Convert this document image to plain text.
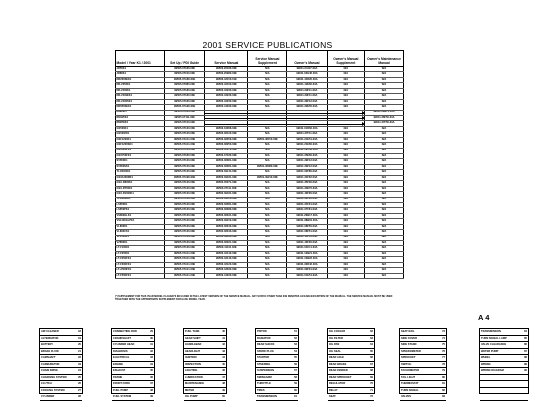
2001 SERVICE PUBLICATIONS
Model / Year K1 / 2001	Set Up / PDI Guide	Service Manual	Service Manual Supplement	Owner's Manual	Owner's Manual Supplement	Owner's Maintenance Manual
JR50K1	99505-07180-03E	99500-20180-03E	N/A	99011-04417-03A	N/A	N/A
JR80K1	99505-07100-03E	99500-20980-03E	N/A	99011-02H46-03A	N/A	N/A
DR200SEK1	99505-07A60-03E	99500-42150-01E	N/A	99011-44D20-03A	N/A	N/A
DR-Z250K1	99505-07080-03E	99500-42160-03E	N/A	99011-12E60-03A	N/A	N/A
DR-Z400K1	99505-07180-03E	99500-42230-03E	N/A	99011-29F11-03A	N/A	N/A
DR-Z400EK1	99505-07180-03E	99500-42230-03E	N/A	99011-29F11-03A	N/A	N/A
DR-Z400SK1	99505-07180-03E	99500-42230-03E	N/A	99011-29F12-03A	N/A	N/A
DR650SEK1	99505-07A90-03E	99500-44030-03E	N/A	99011-32E50-03A	N/A	N/A
RM85K1	99505-07180-03E					99011-02B70-03A
RM125K1	99505-07111-03E					99011-36F50-03A
RM250K1	99505-07100-03E					99011-37F50-03A
GS500K1	99505-07130-03E	99500-34068-03E	N/A	99011-01D62-03A	N/A	N/A
GS500FK1	99505-07130-03E	99500-36100-03E	N/A	99011-37F11-03A	N/A	N/A
GSF1200K1	99505-07A11-03E	99500-36059-03E	99501-36150-03E	99011-21E51-03A	N/A	N/A
GSF1200SK1	99505-07A11-03E	99500-36250-03E	N/A	99011-21E60-03A	N/A	N/A
GSX600FK1	99505-07130-03E	99500-35072-03E	N/A	99011-19C63-03A	N/A	N/A
GSX750FK1	99505-07180-03E	99500-37180-03E	N/A	99011-35E60-03A	N/A	N/A
SV650K1	99505-07130-03E	99500-36081-03E	N/A	99011-29F12-03A	N/A	N/A
SV650SK1	99505-07130-03E	99500-36081-03E	99501-36080-03E	99011-29F12-03A	N/A	N/A
TL1000SK1	99505-07130-03E	99500-39144-03E	N/A	99011-02F80-03A	N/A	N/A
GSX1300RK1	99505-07A90-03E	99500-39181-03E	99501-39210-03E	99011-24F02-03A	N/A	N/A
GSX-R600K1	99505-07130-03E	99500-35071-03E	N/A	99011-35F30-03A	N/A	N/A
GSX-R750K1	99505-07130-03E	99500-37111-03E	N/A	99011-33E70-03A	N/A	N/A
GSX-R1000K1	99505-07130-03E	99500-39181-03E	N/A	99011-40F00-03A	N/A	N/A
TL1000RK1	99505-07130-03E	99500-39120-03E	N/A	99011-02F60-03A	N/A	N/A
LS650K1	99505-07130-03E	99500-32081-03E	N/A	99011-24F01-03A	N/A	N/A
LS650PK1	99505-07130-03E	99500-36080-03E	N/A	99011-07F61-03A	N/A	N/A
VS800GLK1	99505-07130-03E	99500-36031-03E	N/A	99011-26B17-03A	N/A	N/A
VS1400GLPK1	99505-07130-03E	99500-39152-03E	N/A	99011-38B04-03A	N/A	N/A
VL800K1	99505-07130-03E	99500-36040-03E	N/A	99011-08F50-03A	N/A	N/A
VL800CK1	99505-07130-03E	99500-36040-03E	N/A	99011-08F51-03A	N/A	N/A
VL1500K1	99505-07130-03E	99500-39180-03E	N/A	99011-10F53-03A	N/A	N/A
VZ800K1	99505-07130-03E	99500-36021-03E	N/A	99011-40F30-03A	N/A	N/A
LT-F160K1	99505-07130-03E	99500-41110-03E	N/A	99011-03C11-03A	N/A	N/A
LT-F250K1	99505-07A11-03E	99500-42140-03E	N/A	99011-10B21-03A	N/A	N/A
LT-F250FK1	99505-07A11-03E	99500-42140-03E	N/A	99011-10B22-03A	N/A	N/A
LT-F300FK1	99505-07A11-03E	99500-42120-03E	N/A	99011-33D42-03A	N/A	N/A
LT-A500FK1	99505-07A11-03E	99500-43032-03E	N/A	99011-09F01-03A	N/A	N/A
LT-F500FK1	99505-07A11-03E	99500-44020-03E	N/A	99011-01E51-03A	N/A	N/A
(*) SUPPLEMENT FOR THIS YEAR MODEL IS ALWAYS INCLUDED IN THE LATEST VERSION OF THE SERVICE MANUAL. ANY SUFFIX OTHER THAN 03E DENOTES AN EARLIER EDITION OF THE MANUAL. THE SERVICE MANUAL MUST BE USED TOGETHER WITH THE APPROPRIATE SUPPLEMENT FOR EACH MODEL YEAR.
A 4
AIR CLEANER	18
ALTERNATOR	19
BATTERY	20
BRAKE FLUID	21
CAMSHAFT	22
CARBURETOR	23
CHAIN DRIVE	24
CHARGING SYSTEM	25
CLUTCH	26
COOLING SYSTEM	27
CYLINDER	28
CONNECTING ROD	29
CRANKSHAFT	30
CYLINDER HEAD	31
DIAGNOSIS	32
ELECTRICAL	33
ENGINE	34
EXHAUST	35
FRAME	36
FRONT FORK	37
FUEL PUMP	38
FUEL SYSTEM	39
FUEL TANK	40
GEAR SHIFT	41
HANDLEBAR	42
HEADLIGHT	43
IGNITION	44
INSPECTION	45
LIGHTING	46
LUBRICATION	47
MAINTENANCE	48
METER	49
OIL PUMP	50
PISTON	51
RADIATOR	52
REAR SHOCK	53
SPARK PLUG	54
STARTER	55
STEERING	56
SUSPENSION	57
SWINGARM	58
THROTTLE	59
TIRES	60
TRANSMISSION	61
OIL COOLER	62
OIL FILTER	63
OIL PAN	64
OIL SEAL	65
REAR AXLE	66
REAR BRAKE	67
REAR FENDER	68
REAR SPROCKET	69
REGULATOR	70
RELAY	71
SEAT	72
SEAT RAIL	73
SIDE COVER	74
SIDE STAND	75
SPEEDOMETER	76
SPROCKET	77
SWITCH	78
TACHOMETER	79
TAIL LIGHT	80
THERMOSTAT	81
TURN SIGNAL	82
VALVES	83
TRANSMISSION	84
TURN SIGNAL LAMP	85
VALVE CLEARANCE	86
WATER PUMP	87
WHEEL	88
WIRING	89
WIRING DIAGRAM	90
